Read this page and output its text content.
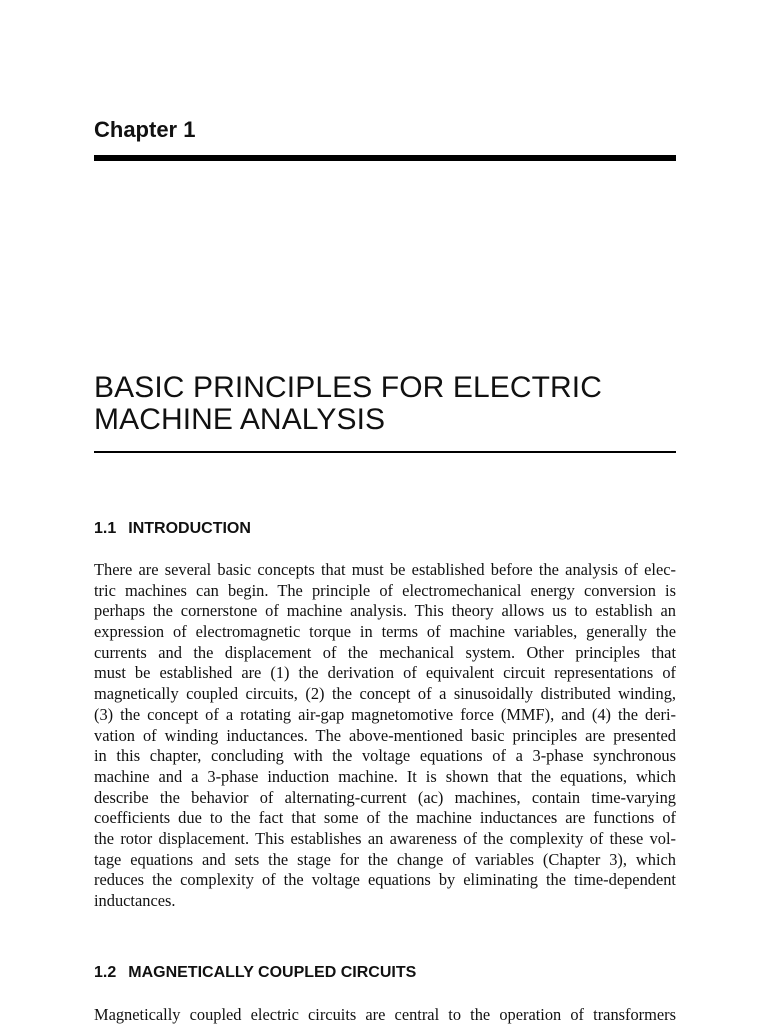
Chapter 1
BASIC PRINCIPLES FOR ELECTRIC
MACHINE ANALYSIS
1.1 INTRODUCTION

There are several basic concepts that must be established before the analysis of elec-
tric machines can begin. The principle of electromechanical energy conversion is
perhaps the cornerstone of machine analysis. This theory allows us to establish an
expression of electromagnetic torque in terms of machine variables, generally the
currents and the displacement of the mechanical system. Other principles that
must be established are (1) the derivation of equivalent circuit representations of
magnetically coupled circuits, (2) the concept of a sinusoidally distributed winding,
(3) the concept of a rotating air-gap magnetomotive force (MMF), and (4) the deri-
vation of winding inductances. The above-mentioned basic principles are presented
in this chapter, concluding with the voltage equations of a 3-phase synchronous
machine and a 3-phase induction machine. It is shown that the equations, which
describe the behavior of alternating-current (ac) machines, contain time-varying
coefficients due to the fact that some of the machine inductances are functions of
the rotor displacement. This establishes an awareness of the complexity of these vol-
tage equations and sets the stage for the change of variables (Chapter 3), which
reduces the complexity of the voltage equations by eliminating the time-dependent
inductances.

1.2 MAGNETICALLY COUPLED CIRCUITS

Magnetically coupled electric circuits are central to the operation of transformers
